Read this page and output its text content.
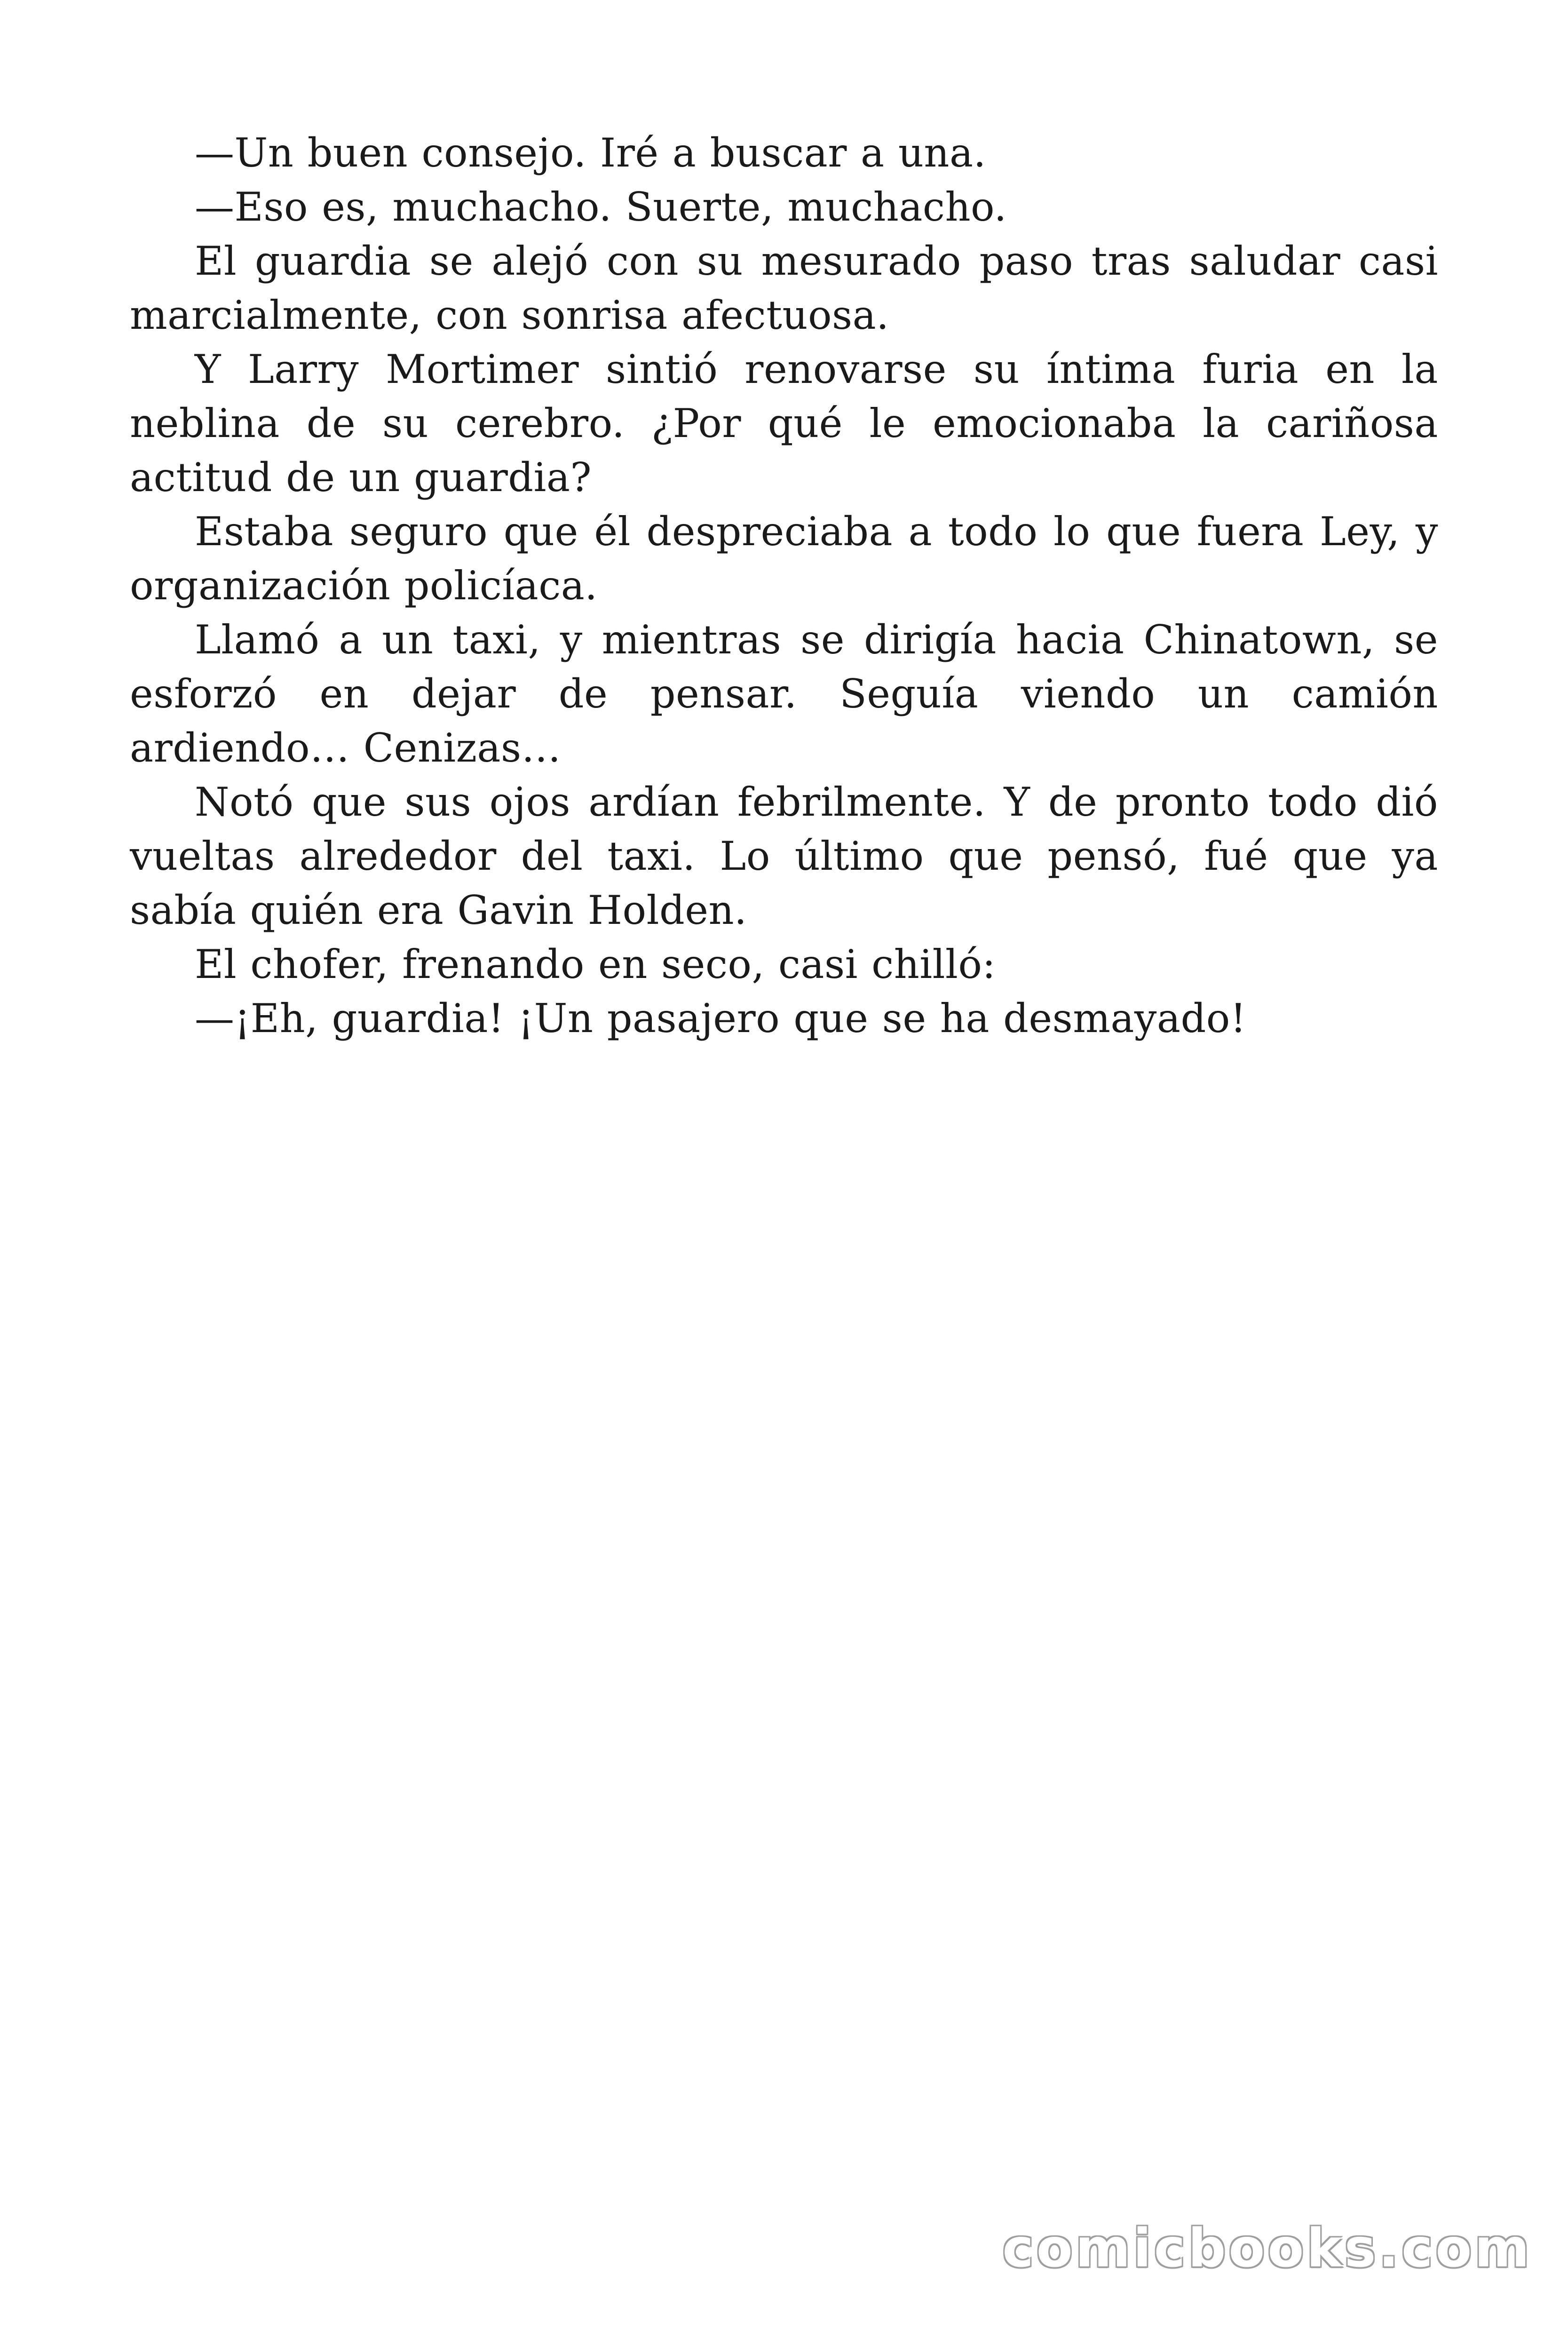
—Un buen consejo. Iré a buscar a una.

—Eso es, muchacho. Suerte, muchacho.

El guardia se alejó con su mesurado paso tras saludar casi marcialmente, con sonrisa afectuosa.

Y Larry Mortimer sintió renovarse su íntima furia en la neblina de su cerebro. ¿Por qué le emocionaba la cariñosa actitud de un guardia?

Estaba seguro que él despreciaba a todo lo que fuera Ley, y organización policíaca.

Llamó a un taxi, y mientras se dirigía hacia Chinatown, se esforzó en dejar de pensar. Seguía viendo un camión ardiendo… Cenizas…

Notó que sus ojos ardían febrilmente. Y de pronto todo dió vueltas alrededor del taxi. Lo último que pensó, fué que ya sabía quién era Gavin Holden.

El chofer, frenando en seco, casi chilló:

—¡Eh, guardia! ¡Un pasajero que se ha desmayado!

comicbooks.com
